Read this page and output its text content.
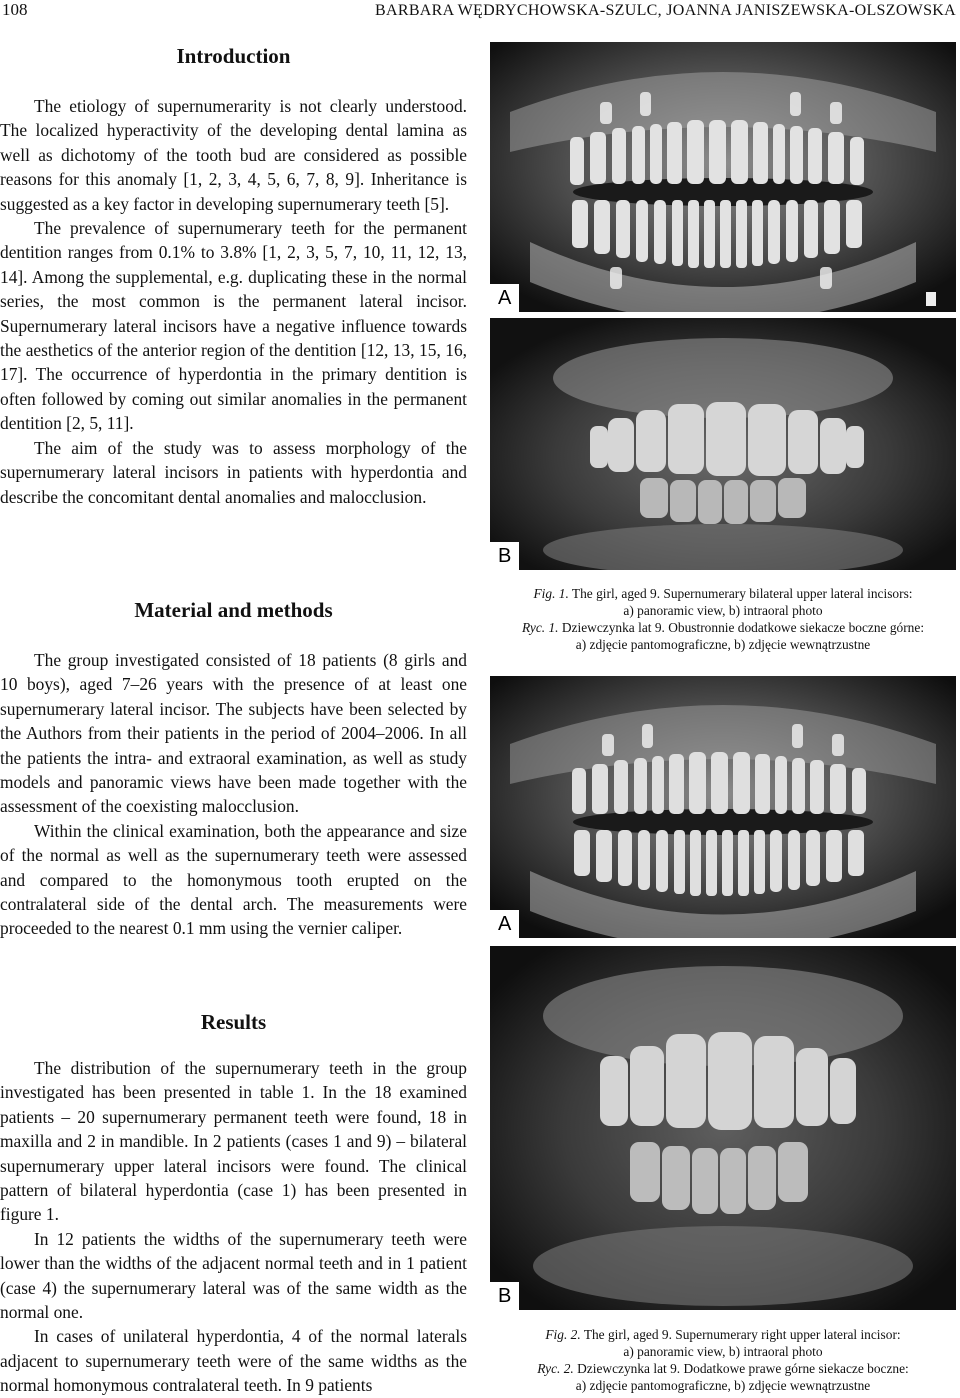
108	BARBARA WĘDRYCHOWSKA-SZULC, JOANNA JANISZEWSKA-OLSZOWSKA
Introduction

The etiology of supernumerarity is not clearly understood. The localized hyperactivity of the developing dental lamina as well as dichotomy of the tooth bud are considered as possible reasons for this anomaly [1, 2, 3, 4, 5, 6, 7, 8, 9]. Inheritance is suggested as a key factor in developing supernumerary teeth [5].

The prevalence of supernumerary teeth for the permanent dentition ranges from 0.1% to 3.8% [1, 2, 3, 5, 7, 10, 11, 12, 13, 14]. Among the supplemental, e.g. duplicating these in the normal series, the most common is the permanent lateral incisor. Supernumerary lateral incisors have a negative influence towards the aesthetics of the anterior region of the dentition [12, 13, 15, 16, 17]. The occurrence of hyperdontia in the primary dentition is often followed by coming out similar anomalies in the permanent dentition [2, 5, 11].

The aim of the study was to assess morphology of the supernumerary lateral incisors in patients with hyperdontia and describe the concomitant dental anomalies and malocclusion.

Material and methods

The group investigated consisted of 18 patients (8 girls and 10 boys), aged 7–26 years with the presence of at least one supernumerary lateral incisor. The subjects have been selected by the Authors from their patients in the period of 2004–2006. In all the patients the intra- and extraoral examination, as well as study models and panoramic views have been made together with the assessment of the coexisting malocclusion.

Within the clinical examination, both the appearance and size of the normal as well as the supernumerary teeth were assessed and compared to the homonymous tooth erupted on the contralateral side of the dental arch. The measurements were proceeded to the nearest 0.1 mm using the vernier caliper.

Results

The distribution of the supernumerary teeth in the group investigated has been presented in table 1. In the 18 examined patients – 20 supernumerary permanent teeth were found, 18 in maxilla and 2 in mandible. In 2 patients (cases 1 and 9) – bilateral supernumerary upper lateral incisors were found. The clinical pattern of bilateral hyperdontia (case 1) has been presented in figure 1.

In 12 patients the widths of the supernumerary teeth were lower than the widths of the adjacent normal teeth and in 1 patient (case 4) the supernumerary lateral was of the same width as the normal one.

In cases of unilateral hyperdontia, 4 of the normal laterals adjacent to supernumerary teeth were of the same widths as the normal homonymous contralateral teeth. In 9 patients

A
B
Fig. 1. The girl, aged 9. Supernumerary bilateral upper lateral incisors:
a) panoramic view, b) intraoral photo
Ryc. 1. Dziewczynka lat 9. Obustronnie dodatkowe siekacze boczne górne:
a) zdjęcie pantomograficzne, b) zdjęcie wewnątrzustne
A
B
Fig. 2. The girl, aged 9. Supernumerary right upper lateral incisor:
a) panoramic view, b) intraoral photo
Ryc. 2. Dziewczynka lat 9. Dodatkowe prawe górne siekacze boczne:
a) zdjęcie pantomograficzne, b) zdjęcie wewnątrzustne
